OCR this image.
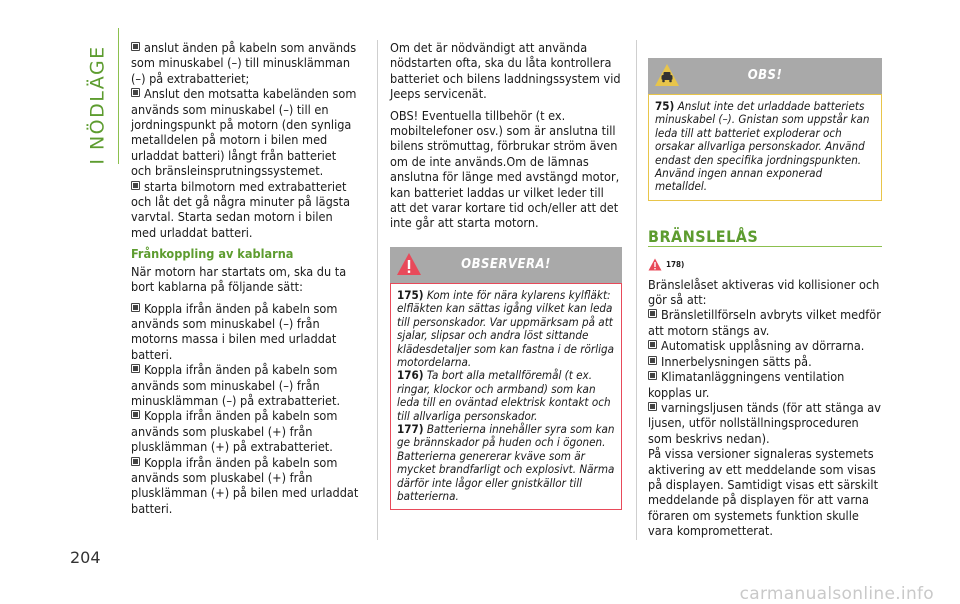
I NÖDLÄGE
204

anslut änden på kabeln som används som minuskabel (–) till minusklämman (–) på extrabatteriet;

Anslut den motsatta kabeländen som används som minuskabel (–) till en jordningspunkt på motorn (den synliga metalldelen på motorn i bilen med urladdat batteri) långt från batteriet och bränsleinsprutningssystemet.

starta bilmotorn med extrabatteriet och låt det gå några minuter på lägsta varvtal. Starta sedan motorn i bilen med urladdat batteri.

Frånkoppling av kablarna

När motorn har startats om, ska du ta bort kablarna på följande sätt:

Koppla ifrån änden på kabeln som används som minuskabel (–) från motorns massa i bilen med urladdat batteri.

Koppla ifrån änden på kabeln som används som minuskabel (–) från minusklämman (–) på extrabatteriet.

Koppla ifrån änden på kabeln som används som pluskabel (+) från plusklämman (+) på extrabatteriet.

Koppla ifrån änden på kabeln som används som pluskabel (+) från plusklämman (+) på bilen med urladdat batteri.

Om det är nödvändigt att använda nödstarten ofta, ska du låta kontrollera batteriet och bilens laddningssystem vid Jeeps servicenät.

OBS! Eventuella tillbehör (t ex. mobiltelefoner osv.) som är anslutna till bilens strömuttag, förbrukar ström även om de inte används.Om de lämnas anslutna för länge med avstängd motor, kan batteriet laddas ur vilket leder till att det varar kortare tid och/eller att det inte går att starta motorn.

OBSERVERA!

175) Kom inte för nära kylarens kylfläkt: elfläkten kan sättas igång vilket kan leda till personskador. Var uppmärksam på att sjalar, slipsar och andra löst sittande klädesdetaljer som kan fastna i de rörliga motordelarna.

176) Ta bort alla metallföremål (t ex. ringar, klockor och armband) som kan leda till en oväntad elektrisk kontakt och till allvarliga personskador.

177) Batterierna innehåller syra som kan ge brännskador på huden och i ögonen. Batterierna genererar kväve som är mycket brandfarligt och explosivt. Närma därför inte lågor eller gnistkällor till batterierna.

OBS!

75) Anslut inte det urladdade batteriets minuskabel (–). Gnistan som uppstår kan leda till att batteriet exploderar och orsakar allvarliga personskador. Använd endast den specifika jordningspunkten. Använd ingen annan exponerad metalldel.

BRÄNSLELÅS
178)

Bränslelåset aktiveras vid kollisioner och gör så att:

Bränsletillförseln avbryts vilket medför att motorn stängs av.

Automatisk upplåsning av dörrarna.

Innerbelysningen sätts på.

Klimatanläggningens ventilation kopplas ur.

varningsljusen tänds (för att stänga av ljusen, utför nollställningsproceduren som beskrivs nedan).

På vissa versioner signaleras systemets aktivering av ett meddelande som visas på displayen. Samtidigt visas ett särskilt meddelande på displayen för att varna föraren om systemets funktion skulle vara komprometterat.

carmanualsonline.info
